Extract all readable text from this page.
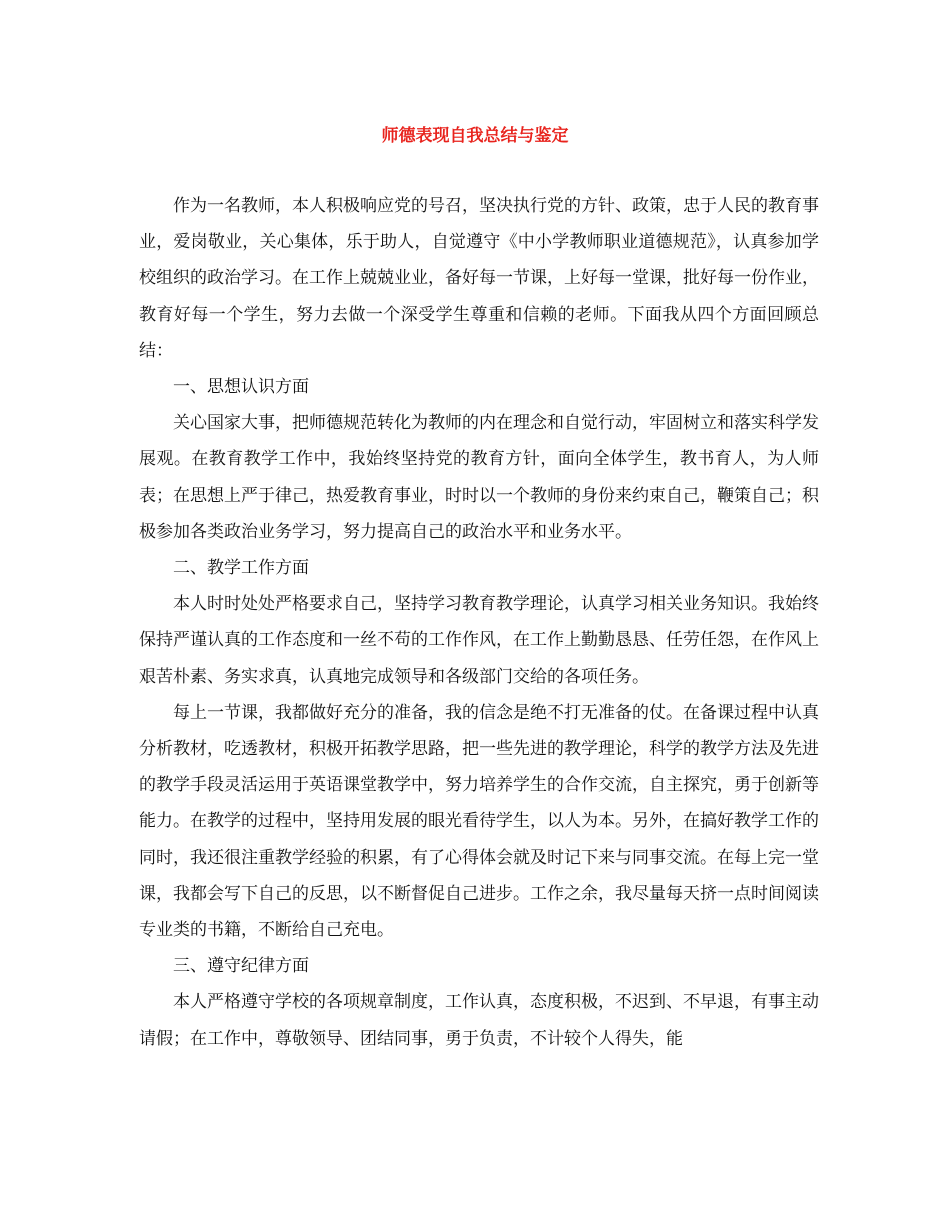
师德表现自我总结与鉴定

作为一名教师，本人积极响应党的号召，坚决执行党的方针、政策，忠于人民的教育事业，爱岗敬业，关心集体，乐于助人，自觉遵守《中小学教师职业道德规范》，认真参加学校组织的政治学习。在工作上兢兢业业，备好每一节课，上好每一堂课，批好每一份作业，教育好每一个学生，努力去做一个深受学生尊重和信赖的老师。下面我从四个方面回顾总结：

一、思想认识方面

关心国家大事，把师德规范转化为教师的内在理念和自觉行动，牢固树立和落实科学发展观。在教育教学工作中，我始终坚持党的教育方针，面向全体学生，教书育人，为人师表；在思想上严于律己，热爱教育事业，时时以一个教师的身份来约束自己，鞭策自己；积极参加各类政治业务学习，努力提高自己的政治水平和业务水平。

二、教学工作方面

本人时时处处严格要求自己，坚持学习教育教学理论，认真学习相关业务知识。我始终保持严谨认真的工作态度和一丝不苟的工作作风，在工作上勤勤恳恳、任劳任怨，在作风上艰苦朴素、务实求真，认真地完成领导和各级部门交给的各项任务。

每上一节课，我都做好充分的准备，我的信念是绝不打无准备的仗。在备课过程中认真分析教材，吃透教材，积极开拓教学思路，把一些先进的教学理论，科学的教学方法及先进的教学手段灵活运用于英语课堂教学中，努力培养学生的合作交流，自主探究，勇于创新等能力。在教学的过程中，坚持用发展的眼光看待学生，以人为本。另外，在搞好教学工作的同时，我还很注重教学经验的积累，有了心得体会就及时记下来与同事交流。在每上完一堂课，我都会写下自己的反思，以不断督促自己进步。工作之余，我尽量每天挤一点时间阅读专业类的书籍，不断给自己充电。

三、遵守纪律方面

本人严格遵守学校的各项规章制度，工作认真，态度积极，不迟到、不早退，有事主动请假；在工作中，尊敬领导、团结同事，勇于负责，不计较个人得失，能
